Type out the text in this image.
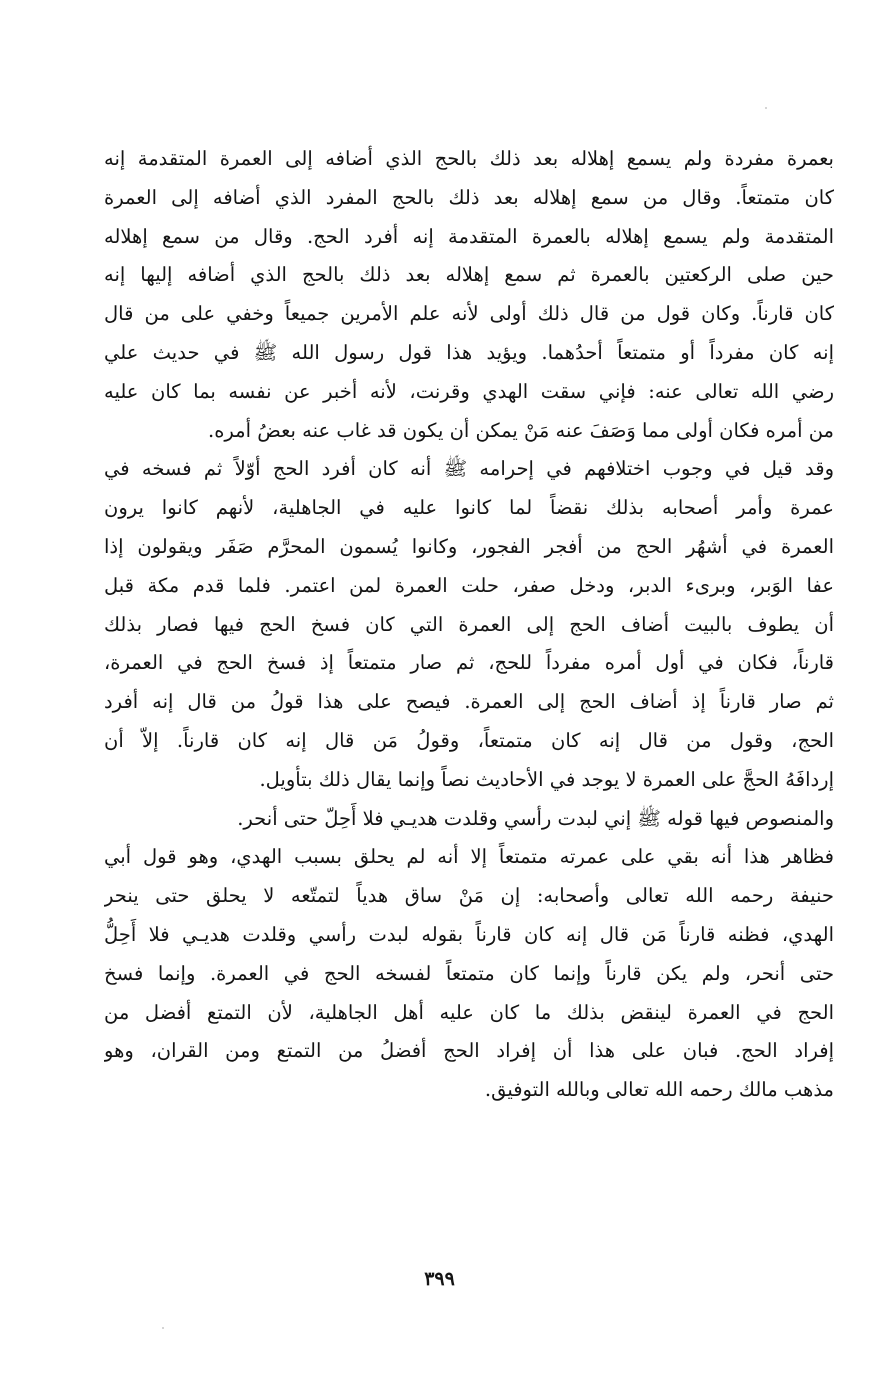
بعمرة مفردة ولم يسمع إهلاله بعد ذلك بالحج الذي أضافه إلى العمرة المتقدمة إنه
كان متمتعاً. وقال من سمع إهلاله بعد ذلك بالحج المفرد الذي أضافه إلى العمرة
المتقدمة ولم يسمع إهلاله بالعمرة المتقدمة إنه أفرد الحج. وقال من سمع إهلاله
حين صلى الركعتين بالعمرة ثم سمع إهلاله بعد ذلك بالحج الذي أضافه إليها إنه
كان قارناً. وكان قول من قال ذلك أولى لأنه علم الأمرين جميعاً وخفي على من قال
إنه كان مفرداً أو متمتعاً أحدُهما. ويؤيد هذا قول رسول الله ﷺ في حديث علي
رضي الله تعالى عنه: فإني سقت الهدي وقرنت، لأنه أخبر عن نفسه بما كان عليه
من أمره فكان أولى مما وَصَفَ عنه مَنْ يمكن أن يكون قد غاب عنه بعضُ أمره.
وقد قيل في وجوب اختلافهم في إحرامه ﷺ أنه كان أفرد الحج أوّلاً ثم فسخه في
عمرة وأمر أصحابه بذلك نقضاً لما كانوا عليه في الجاهلية، لأنهم كانوا يرون
العمرة في أشهُر الحج من أفجر الفجور، وكانوا يُسمون المحرَّم صَفَر ويقولون إذا
عفا الوَبر، وبرىء الدبر، ودخل صفر، حلت العمرة لمن اعتمر. فلما قدم مكة قبل
أن يطوف بالبيت أضاف الحج إلى العمرة التي كان فسخ الحج فيها فصار بذلك
قارناً، فكان في أول أمره مفرداً للحج، ثم صار متمتعاً إذ فسخ الحج في العمرة،
ثم صار قارناً إذ أضاف الحج إلى العمرة. فيصح على هذا قولُ من قال إنه أفرد
الحج، وقول من قال إنه كان متمتعاً، وقولُ مَن قال إنه كان قارناً. إلاّ أن
إردافَهُ الحجَّ على العمرة لا يوجد في الأحاديث نصاً وإنما يقال ذلك بتأويل.
والمنصوص فيها قوله ﷺ إني لبدت رأسي وقلدت هديـي فلا أَحِلّ حتى أنحر.
فظاهر هذا أنه بقي على عمرته متمتعاً إلا أنه لم يحلق بسبب الهدي، وهو قول أبي
حنيفة رحمه الله تعالى وأصحابه: إن مَنْ ساق هدياً لتمتّعه لا يحلق حتى ينحر
الهدي، فظنه قارناً مَن قال إنه كان قارناً بقوله لبدت رأسي وقلدت هديـي فلا أَحِلُّ
حتى أنحر، ولم يكن قارناً وإنما كان متمتعاً لفسخه الحج في العمرة. وإنما فسخ
الحج في العمرة لينقض بذلك ما كان عليه أهل الجاهلية، لأن التمتع أفضل من
إفراد الحج. فبان على هذا أن إفراد الحج أفضلُ من التمتع ومن القران، وهو
مذهب مالك رحمه الله تعالى وبالله التوفيق.
٣٩٩
